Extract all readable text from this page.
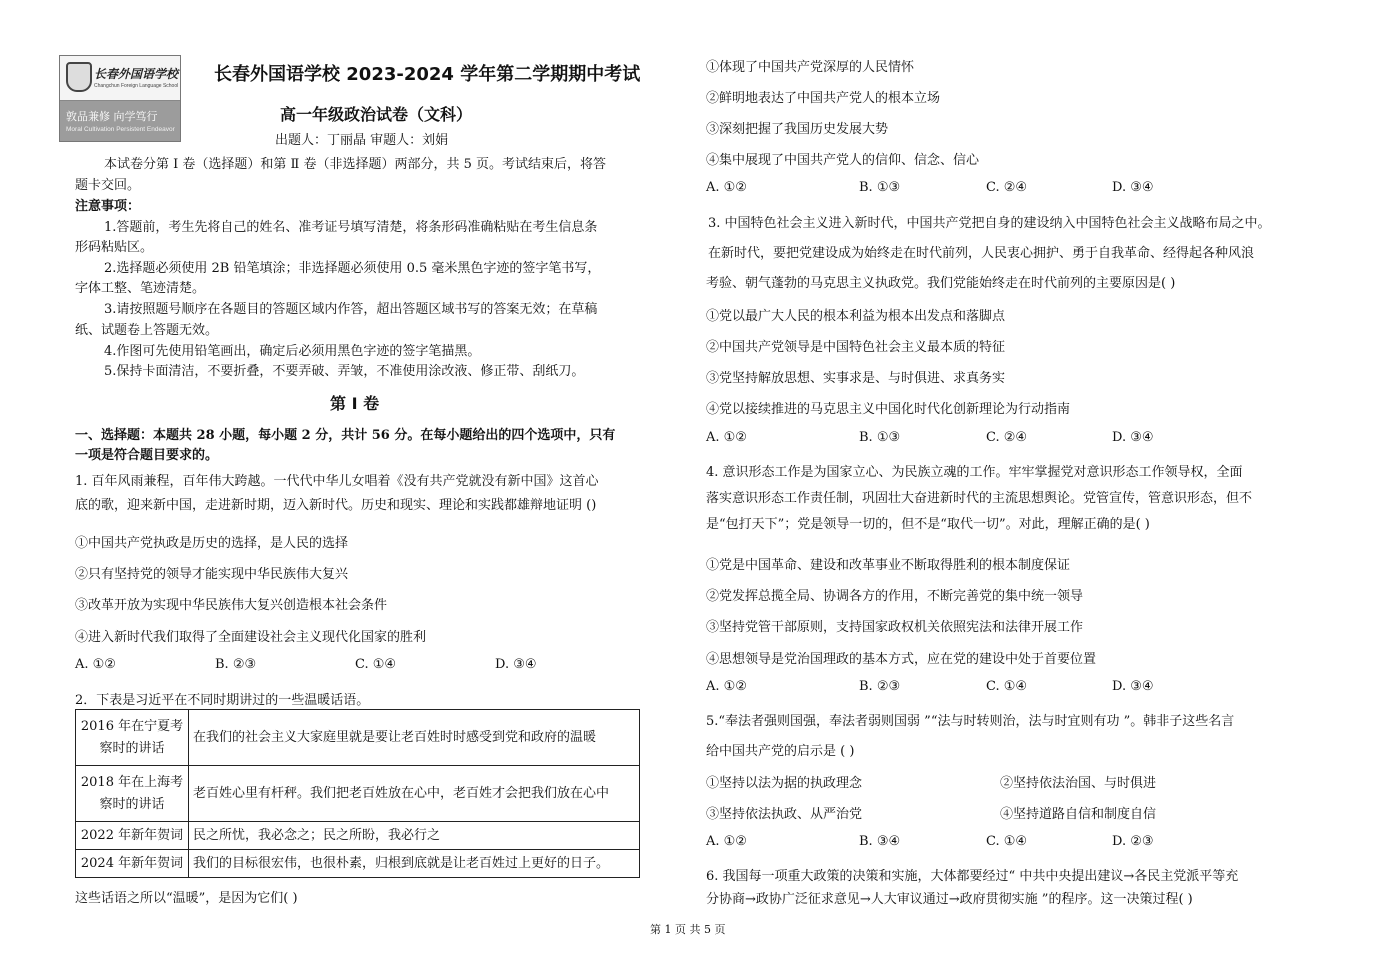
长春外国语学校
Changchun Foreign Language School
敦品兼修 向学笃行
Moral Cultivation Persistent Endeavor
长春外国语学校 2023-2024 学年第二学期期中考试
高一年级政治试卷（文科）
出题人：丁丽晶 审题人：刘娟
本试卷分第 Ⅰ 卷（选择题）和第 Ⅱ 卷（非选择题）两部分，共 5 页。考试结束后，将答
题卡交回。
注意事项：
1.答题前，考生先将自己的姓名、准考证号填写清楚，将条形码准确粘贴在考生信息条
形码粘贴区。
2.选择题必须使用 2B 铅笔填涂；非选择题必须使用 0.5 毫米黑色字迹的签字笔书写，
字体工整、笔迹清楚。
3.请按照题号顺序在各题目的答题区域内作答，超出答题区域书写的答案无效；在草稿
纸、试题卷上答题无效。
4.作图可先使用铅笔画出，确定后必须用黑色字迹的签字笔描黑。
5.保持卡面清洁，不要折叠，不要弄破、弄皱，不准使用涂改液、修正带、刮纸刀。
第 Ⅰ 卷
一、选择题：本题共 28 小题，每小题 2 分，共计 56 分。在每小题给出的四个选项中，只有
一项是符合题目要求的。
1. 百年风雨兼程，百年伟大跨越。一代代中华儿女唱着《没有共产党就没有新中国》这首心
底的歌，迎来新中国，走进新时期，迈入新时代。历史和现实、理论和实践都雄辩地证明 ()
①中国共产党执政是历史的选择，是人民的选择
②只有坚持党的领导才能实现中华民族伟大复兴
③改革开放为实现中华民族伟大复兴创造根本社会条件
④进入新时代我们取得了全面建设社会主义现代化国家的胜利
A. ①②	B. ②③	C. ①④	D. ③④
2．下表是习近平在不同时期讲过的一些温暖话语。
2016 年在宁夏考察时的讲话	在我们的社会主义大家庭里就是要让老百姓时时感受到党和政府的温暖
2018 年在上海考察时的讲话	老百姓心里有杆秤。我们把老百姓放在心中，老百姓才会把我们放在心中
2022 年新年贺词	民之所忧，我必念之；民之所盼，我必行之
2024 年新年贺词	我们的目标很宏伟，也很朴素，归根到底就是让老百姓过上更好的日子。
这些话语之所以“温暖”，是因为它们( )
①体现了中国共产党深厚的人民情怀
②鲜明地表达了中国共产党人的根本立场
③深刻把握了我国历史发展大势
④集中展现了中国共产党人的信仰、信念、信心
A. ①②	B. ①③	C. ②④	D. ③④
3. 中国特色社会主义进入新时代，中国共产党把自身的建设纳入中国特色社会主义战略布局之中。
在新时代，要把党建设成为始终走在时代前列，人民衷心拥护、勇于自我革命、经得起各种风浪
考验、朝气蓬勃的马克思主义执政党。我们党能始终走在时代前列的主要原因是( )
①党以最广大人民的根本利益为根本出发点和落脚点
②中国共产党领导是中国特色社会主义最本质的特征
③党坚持解放思想、实事求是、与时俱进、求真务实
④党以接续推进的马克思主义中国化时代化创新理论为行动指南
A. ①②	B. ①③	C. ②④	D. ③④
4. 意识形态工作是为国家立心、为民族立魂的工作。牢牢掌握党对意识形态工作领导权，全面
落实意识形态工作责任制，巩固壮大奋进新时代的主流思想舆论。党管宣传，管意识形态，但不
是“包打天下”；党是领导一切的，但不是“取代一切”。对此，理解正确的是( )
①党是中国革命、建设和改革事业不断取得胜利的根本制度保证
②党发挥总揽全局、协调各方的作用，不断完善党的集中统一领导
③坚持党管干部原则，支持国家政权机关依照宪法和法律开展工作
④思想领导是党治国理政的基本方式，应在党的建设中处于首要位置
A. ①②	B. ②③	C. ①④	D. ③④
5.“奉法者强则国强，奉法者弱则国弱 ”“法与时转则治，法与时宜则有功 ”。韩非子这些名言
给中国共产党的启示是 ( )
①坚持以法为据的执政理念	②坚持依法治国、与时俱进
③坚持依法执政、从严治党	④坚持道路自信和制度自信
A. ①②	B. ③④	C. ①④	D. ②③
6. 我国每一项重大政策的决策和实施，大体都要经过“ 中共中央提出建议→各民主党派平等充
分协商→政协广泛征求意见→人大审议通过→政府贯彻实施 ”的程序。这一决策过程( )
第 1 页 共 5 页
